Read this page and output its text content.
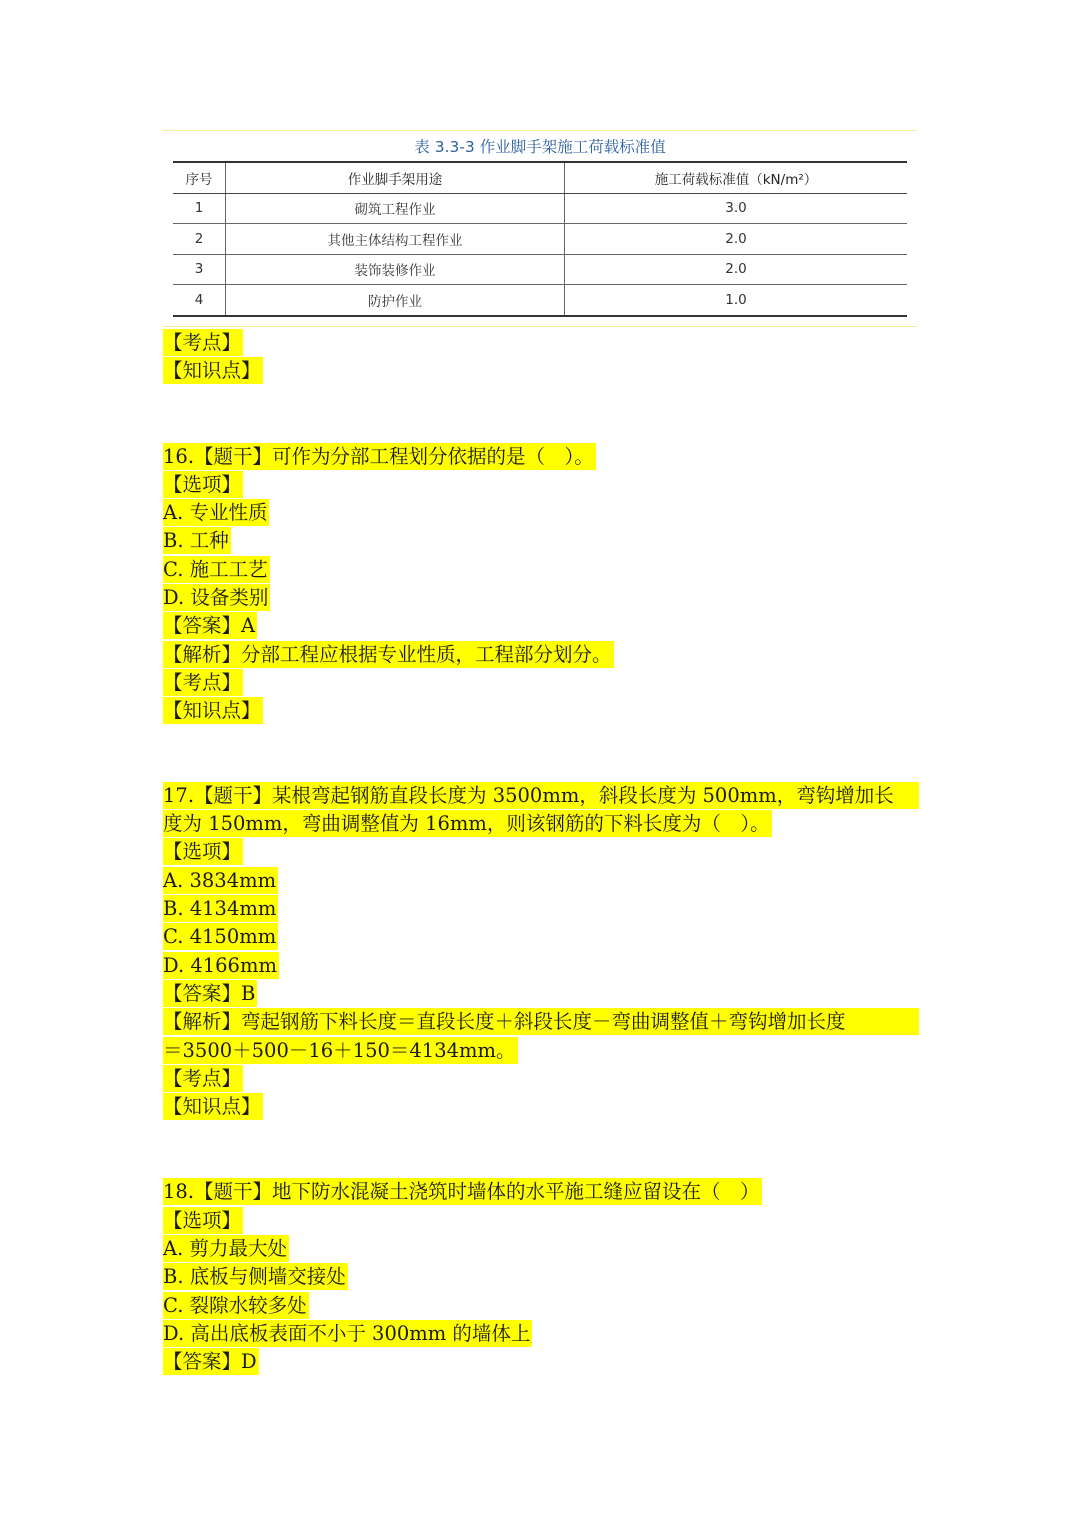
表 3.3-3 作业脚手架施工荷载标准值
序号	作业脚手架用途	施工荷载标准值（kN/m²）
1	砌筑工程作业	3.0
2	其他主体结构工程作业	2.0
3	装饰装修作业	2.0
4	防护作业	1.0
【考点】
【知识点】
16.【题干】可作为分部工程划分依据的是（　）。
【选项】
A. 专业性质
B. 工种
C. 施工工艺
D. 设备类别
【答案】A
【解析】分部工程应根据专业性质，工程部分划分。
【考点】
【知识点】
17.【题干】某根弯起钢筋直段长度为 3500mm，斜段长度为 500mm，弯钩增加长
度为 150mm，弯曲调整值为 16mm，则该钢筋的下料长度为（　）。
【选项】
A. 3834mm
B. 4134mm
C. 4150mm
D. 4166mm
【答案】B
【解析】弯起钢筋下料长度＝直段长度＋斜段长度－弯曲调整值＋弯钩增加长度
＝3500＋500－16＋150＝4134mm。
【考点】
【知识点】
18.【题干】地下防水混凝土浇筑时墙体的水平施工缝应留设在（　）
【选项】
A. 剪力最大处
B. 底板与侧墙交接处
C. 裂隙水较多处
D. 高出底板表面不小于 300mm 的墙体上
【答案】D
